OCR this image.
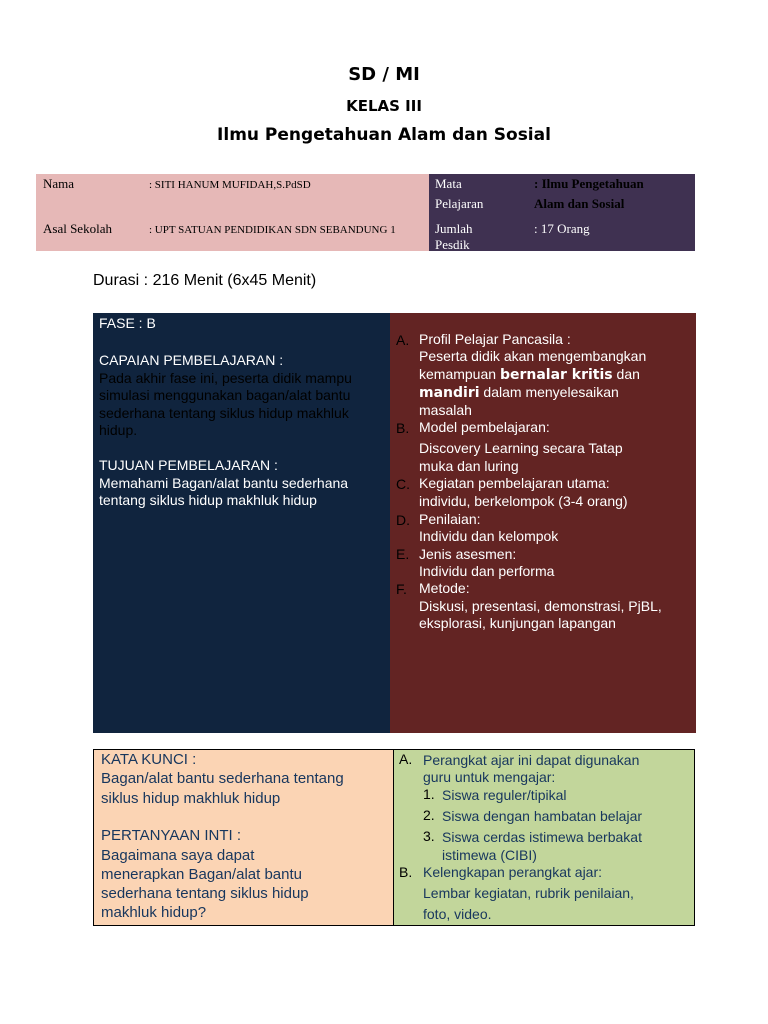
SD / MI
KELAS III
Ilmu Pengetahuan Alam dan Sosial
Nama	: SITI HANUM MUFIDAH,S.PdSD
Asal Sekolah	: UPT SATUAN PENDIDIKAN SDN SEBANDUNG 1
Mata
Pelajaran
: Ilmu Pengetahuan
Alam dan Sosial
Jumlah
Pesdik
: 17 Orang
Durasi : 216 Menit (6x45 Menit)
FASE : B
CAPAIAN PEMBELAJARAN :
Pada akhir fase ini, peserta didik mampu
simulasi menggunakan bagan/alat bantu
sederhana tentang siklus hidup makhluk
hidup.
TUJUAN PEMBELAJARAN :
Memahami Bagan/alat bantu sederhana
tentang siklus hidup makhluk hidup
A. Profil Pelajar Pancasila :
Peserta didik akan mengembangkan
kemampuan bernalar kritis dan
mandiri dalam menyelesaikan
masalah
B. Model pembelajaran:
Discovery Learning secara Tatap
muka dan luring
C. Kegiatan pembelajaran utama:
individu, berkelompok (3-4 orang)
D. Penilaian:
Individu dan kelompok
E. Jenis asesmen:
Individu dan performa
F. Metode:
Diskusi, presentasi, demonstrasi, PjBL,
eksplorasi, kunjungan lapangan
KATA KUNCI :
Bagan/alat bantu sederhana tentang
siklus hidup makhluk hidup
PERTANYAAN INTI :
Bagaimana saya dapat
menerapkan Bagan/alat bantu
sederhana tentang siklus hidup
makhluk hidup?
A. Perangkat ajar ini dapat digunakan
guru untuk mengajar:
1. Siswa reguler/tipikal
2. Siswa dengan hambatan belajar
3. Siswa cerdas istimewa berbakat
istimewa (CIBI)
B. Kelengkapan perangkat ajar:
Lembar kegiatan, rubrik penilaian,
foto, video.
